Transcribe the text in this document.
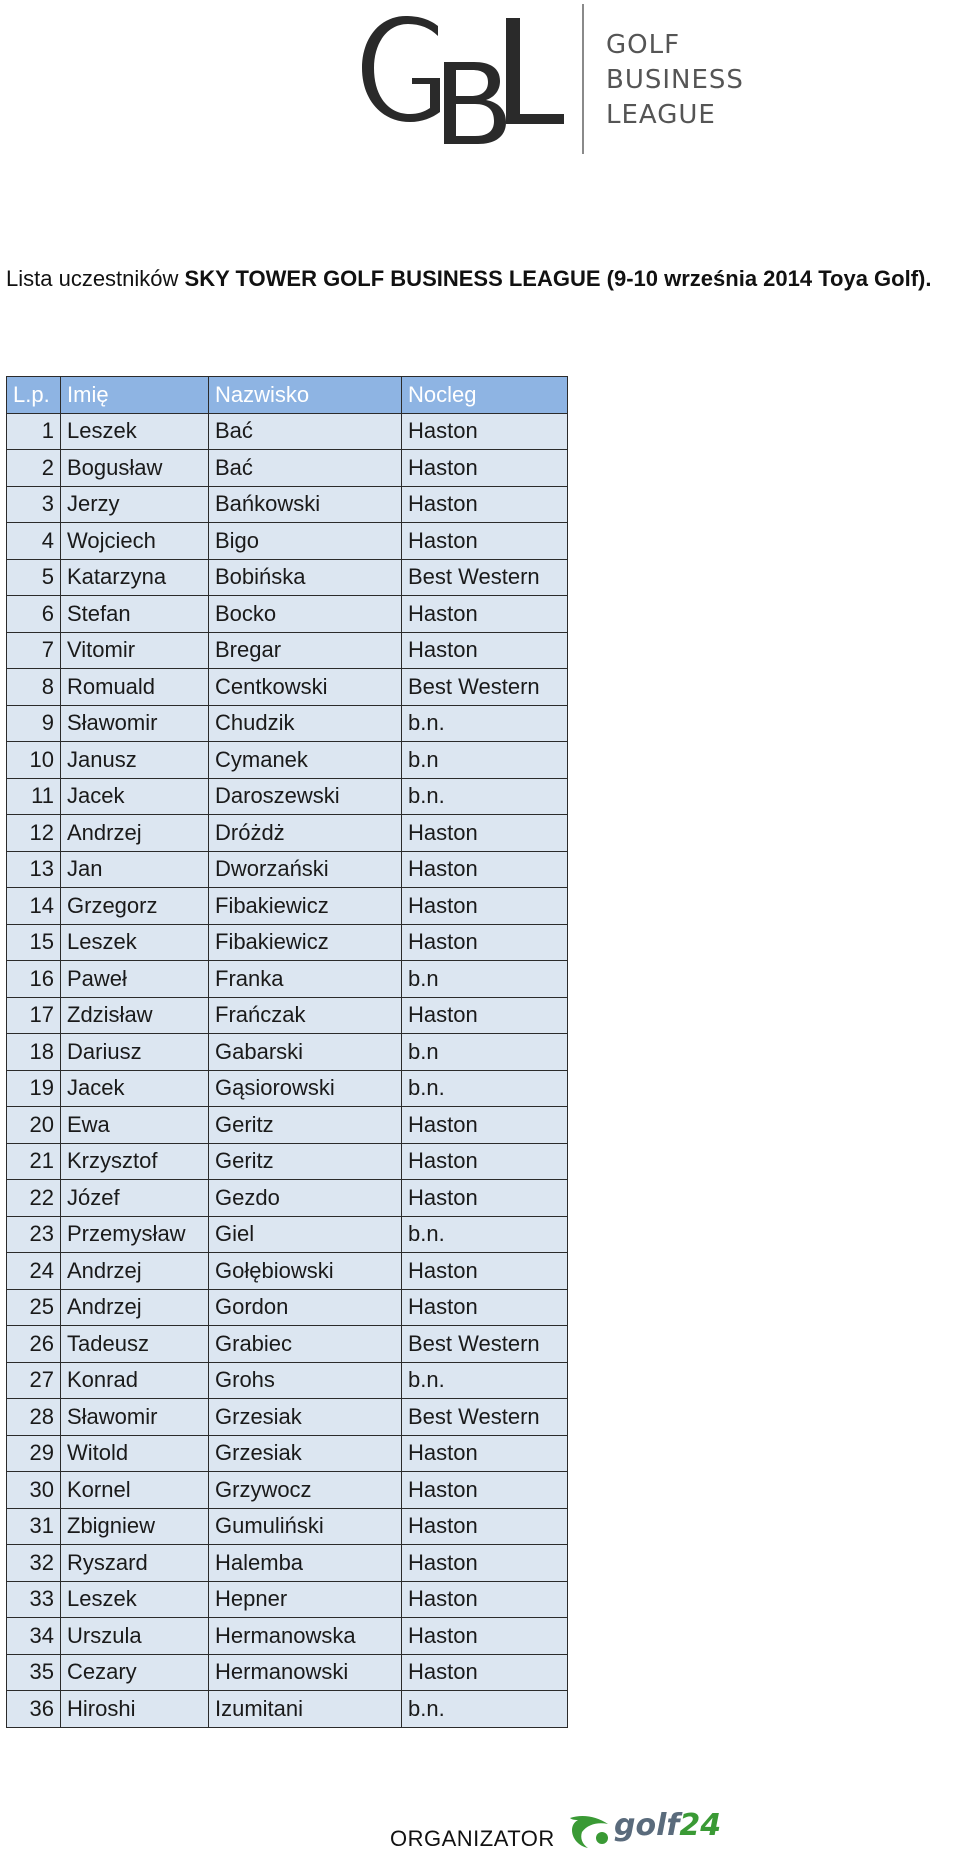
GOLF
BUSINESS
LEAGUE
Lista uczestników SKY TOWER GOLF BUSINESS LEAGUE (9-10 września 2014 Toya Golf).
L.p.	Imię	Nazwisko	Nocleg
1	Leszek	Bać	Haston
2	Bogusław	Bać	Haston
3	Jerzy	Bańkowski	Haston
4	Wojciech	Bigo	Haston
5	Katarzyna	Bobińska	Best Western
6	Stefan	Bocko	Haston
7	Vitomir	Bregar	Haston
8	Romuald	Centkowski	Best Western
9	Sławomir	Chudzik	b.n.
10	Janusz	Cymanek	b.n
11	Jacek	Daroszewski	b.n.
12	Andrzej	Dróżdż	Haston
13	Jan	Dworzański	Haston
14	Grzegorz	Fibakiewicz	Haston
15	Leszek	Fibakiewicz	Haston
16	Paweł	Franka	b.n
17	Zdzisław	Frańczak	Haston
18	Dariusz	Gabarski	b.n
19	Jacek	Gąsiorowski	b.n.
20	Ewa	Geritz	Haston
21	Krzysztof	Geritz	Haston
22	Józef	Gezdo	Haston
23	Przemysław	Giel	b.n.
24	Andrzej	Gołębiowski	Haston
25	Andrzej	Gordon	Haston
26	Tadeusz	Grabiec	Best Western
27	Konrad	Grohs	b.n.
28	Sławomir	Grzesiak	Best Western
29	Witold	Grzesiak	Haston
30	Kornel	Grzywocz	Haston
31	Zbigniew	Gumuliński	Haston
32	Ryszard	Halemba	Haston
33	Leszek	Hepner	Haston
34	Urszula	Hermanowska	Haston
35	Cezary	Hermanowski	Haston
36	Hiroshi	Izumitani	b.n.
ORGANIZATOR golf24
